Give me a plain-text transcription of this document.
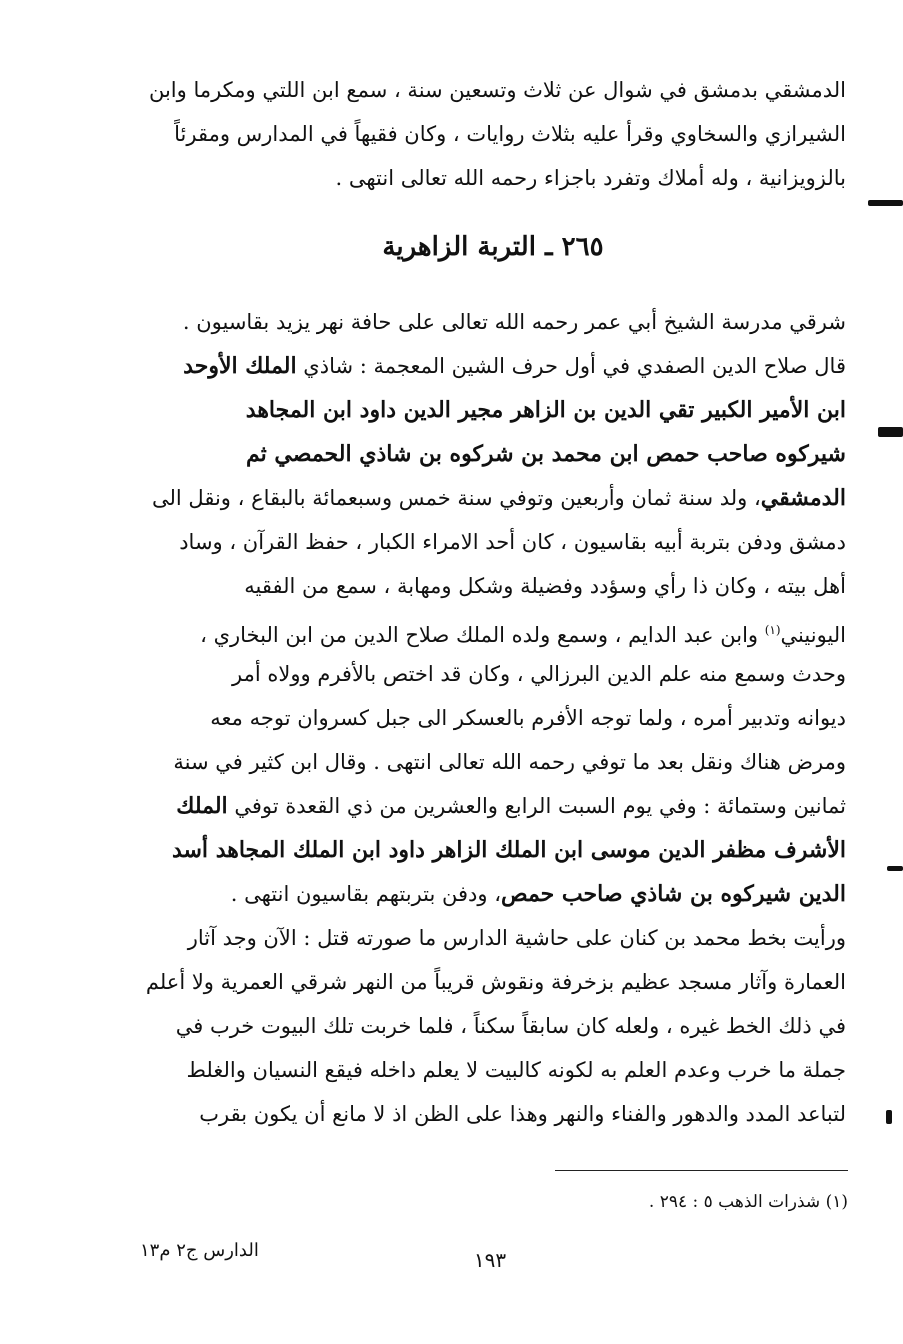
الدمشقي بدمشق في شوال عن ثلاث وتسعين سنة ، سمع ابن اللتي ومكرما وابن
الشيرازي والسخاوي وقرأ عليه بثلاث روايات ، وكان فقيهاً في المدارس ومقرئاً
بالزويزانية ، وله أملاك وتفرد باجزاء رحمه الله تعالى انتهى .
٢٦٥ ـ التربة الزاهرية
شرقي مدرسة الشيخ أبي عمر رحمه الله تعالى على حافة نهر يزيد بقاسيون .
قال صلاح الدين الصفدي في أول حرف الشين المعجمة : شاذي الملك الأوحد
ابن الأمير الكبير تقي الدين بن الزاهر مجير الدين داود ابن المجاهد
شيركوه صاحب حمص ابن محمد بن شركوه بن شاذي الحمصي ثم
الدمشقي، ولد سنة ثمان وأربعين وتوفي سنة خمس وسبعمائة بالبقاع ، ونقل الى
دمشق ودفن بتربة أبيه بقاسيون ، كان أحد الامراء الكبار ، حفظ القرآن ، وساد
أهل بيته ، وكان ذا رأي وسؤدد وفضيلة وشكل ومهابة ، سمع من الفقيه
اليونيني$^{(١)}$ وابن عبد الدايم ، وسمع ولده الملك صلاح الدين من ابن البخاري ،
وحدث وسمع منه علم الدين البرزالي ، وكان قد اختص بالأفرم وولاه أمر
ديوانه وتدبير أمره ، ولما توجه الأفرم بالعسكر الى جبل كسروان توجه معه
ومرض هناك ونقل بعد ما توفي رحمه الله تعالى انتهى . وقال ابن كثير في سنة
ثمانين وستمائة : وفي يوم السبت الرابع والعشرين من ذي القعدة توفي الملك
الأشرف مظفر الدين موسى ابن الملك الزاهر داود ابن الملك المجاهد أسد
الدين شيركوه بن شاذي صاحب حمص، ودفن بتربتهم بقاسيون انتهى .
ورأيت بخط محمد بن كنان على حاشية الدارس ما صورته قتل : الآن وجد آثار
العمارة وآثار مسجد عظيم بزخرفة ونقوش قريباً من النهر شرقي العمرية ولا أعلم
في ذلك الخط غيره ، ولعله كان سابقاً سكناً ، فلما خربت تلك البيوت خرب في
جملة ما خرب وعدم العلم به لكونه كالبيت لا يعلم داخله فيقع النسيان والغلط
لتباعد المدد والدهور والفناء والنهر وهذا على الظن اذ لا مانع أن يكون بقرب
(١) شذرات الذهب ٥ : ٢٩٤ .
١٩٣
الدارس ج٢ م١٣
